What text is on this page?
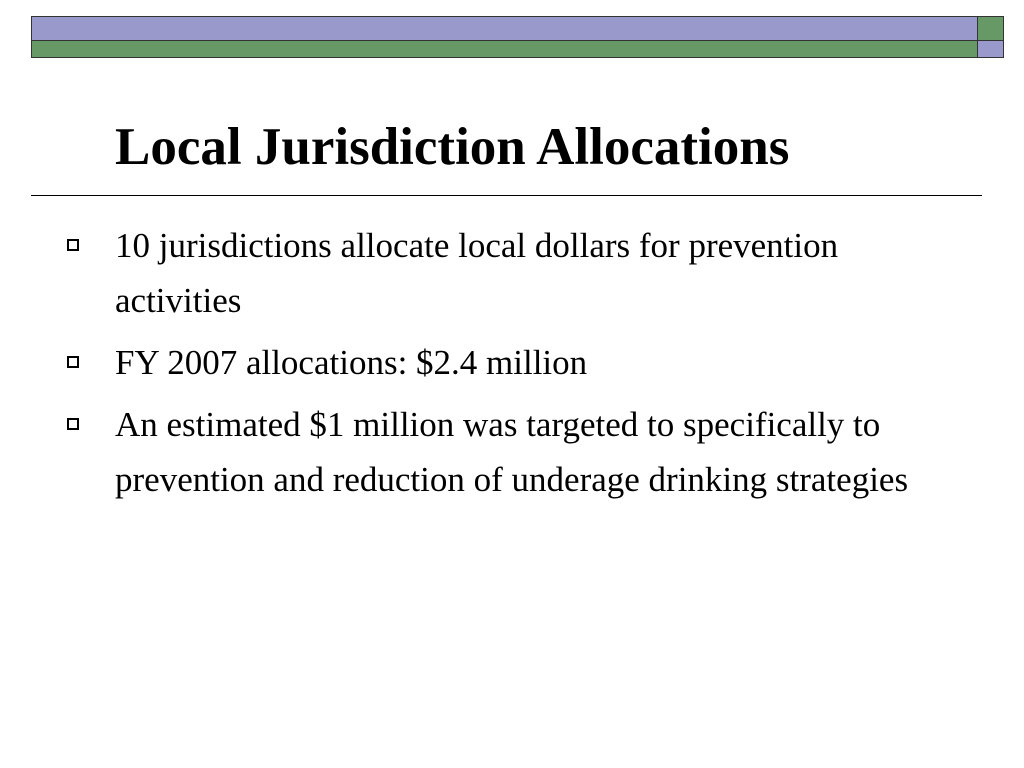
Local Jurisdiction Allocations
10 jurisdictions allocate local dollars for prevention activities
FY 2007 allocations: $2.4 million
An estimated $1 million was targeted to specifically to prevention and reduction of underage drinking strategies
